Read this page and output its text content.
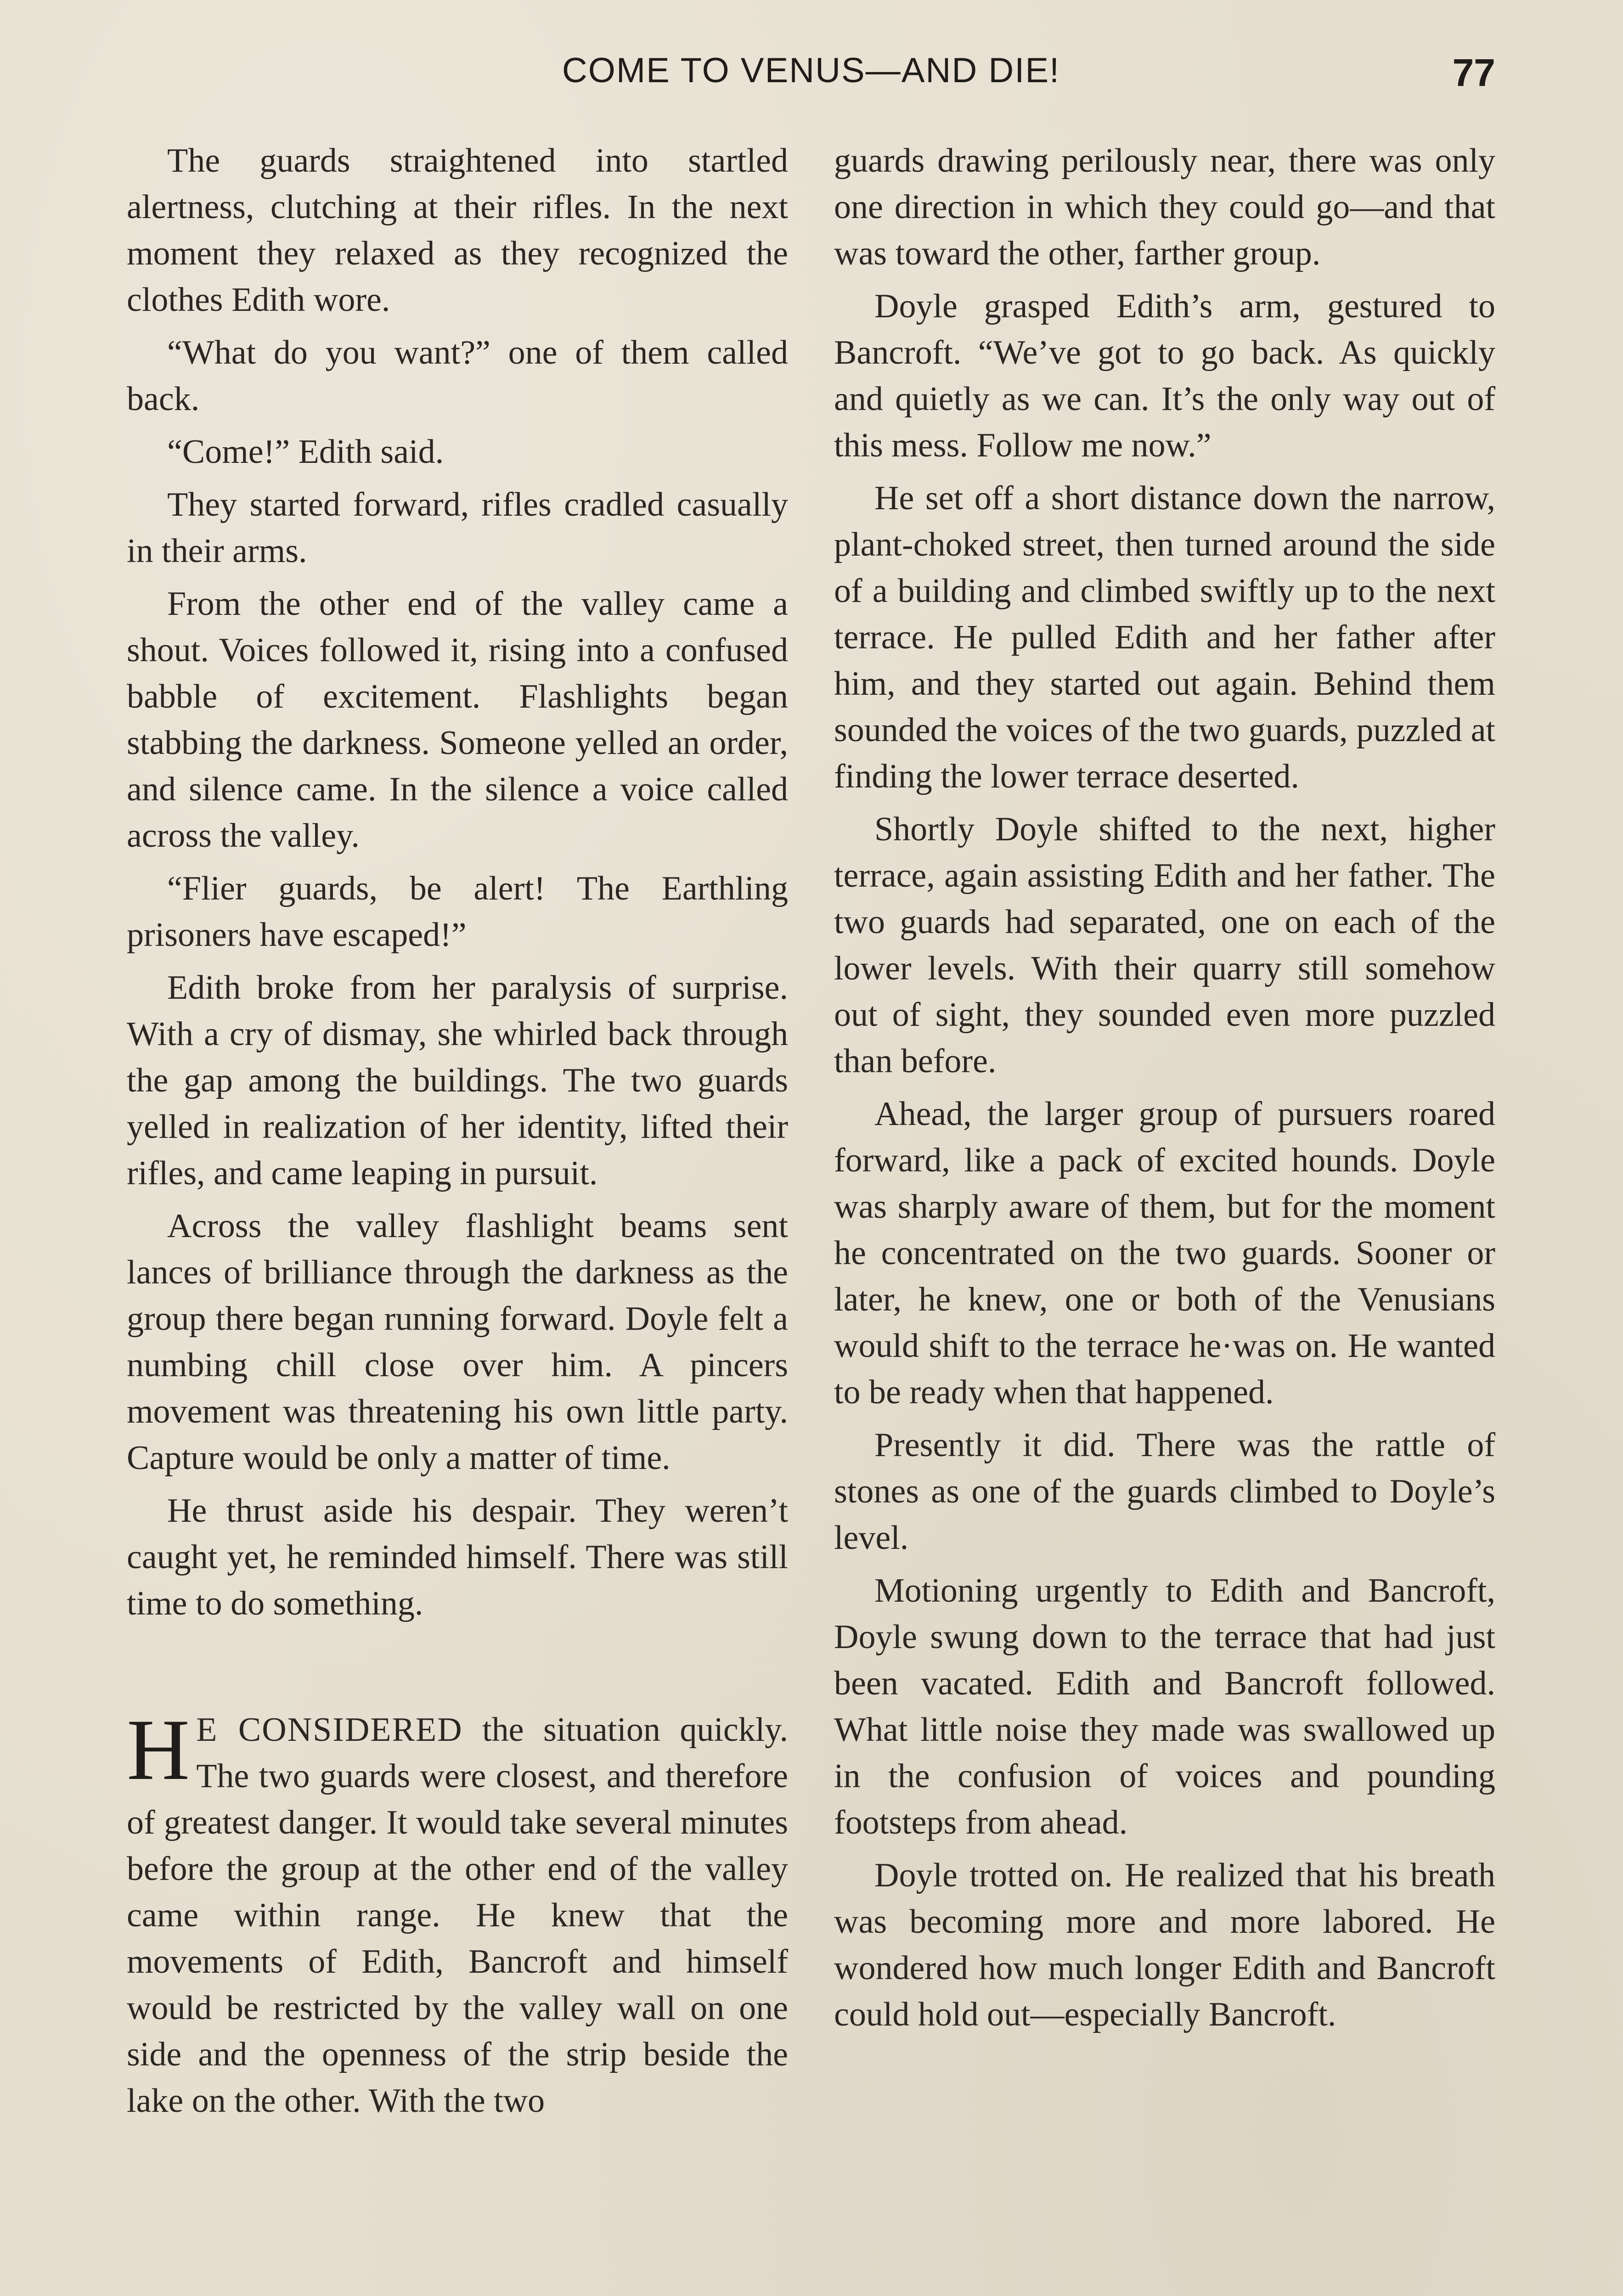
COME TO VENUS—AND DIE!	77

The guards straightened into startled alertness, clutching at their rifles. In the next moment they relaxed as they recognized the clothes Edith wore.

“What do you want?” one of them called back.

“Come!” Edith said.

They started forward, rifles cradled casually in their arms.

From the other end of the valley came a shout. Voices followed it, rising into a confused babble of excitement. Flashlights began stabbing the darkness. Someone yelled an order, and silence came. In the silence a voice called across the valley.

“Flier guards, be alert! The Earthling prisoners have escaped!”

Edith broke from her paralysis of surprise. With a cry of dismay, she whirled back through the gap among the buildings. The two guards yelled in realization of her identity, lifted their rifles, and came leaping in pursuit.

Across the valley flashlight beams sent lances of brilliance through the darkness as the group there began running forward. Doyle felt a numbing chill close over him. A pincers movement was threatening his own little party. Capture would be only a matter of time.

He thrust aside his despair. They weren’t caught yet, he reminded himself. There was still time to do something.

H E CONSIDERED the situation quickly. The two guards were closest, and therefore of greatest danger. It would take several minutes before the group at the other end of the valley came within range. He knew that the movements of Edith, Bancroft and himself would be restricted by the valley wall on one side and the openness of the strip beside the lake on the other. With the two

guards drawing perilously near, there was only one direction in which they could go—and that was toward the other, farther group.

Doyle grasped Edith’s arm, gestured to Bancroft. “We’ve got to go back. As quickly and quietly as we can. It’s the only way out of this mess. Follow me now.”

He set off a short distance down the narrow, plant-choked street, then turned around the side of a building and climbed swiftly up to the next terrace. He pulled Edith and her father after him, and they started out again. Behind them sounded the voices of the two guards, puzzled at finding the lower terrace deserted.

Shortly Doyle shifted to the next, higher terrace, again assisting Edith and her father. The two guards had separated, one on each of the lower levels. With their quarry still somehow out of sight, they sounded even more puzzled than before.

Ahead, the larger group of pursuers roared forward, like a pack of excited hounds. Doyle was sharply aware of them, but for the moment he concentrated on the two guards. Sooner or later, he knew, one or both of the Venusians would shift to the terrace he·was on. He wanted to be ready when that happened.

Presently it did. There was the rattle of stones as one of the guards climbed to Doyle’s level.

Motioning urgently to Edith and Bancroft, Doyle swung down to the terrace that had just been vacated. Edith and Bancroft followed. What little noise they made was swallowed up in the confusion of voices and pounding footsteps from ahead.

Doyle trotted on. He realized that his breath was becoming more and more labored. He wondered how much longer Edith and Bancroft could hold out—especially Bancroft.
